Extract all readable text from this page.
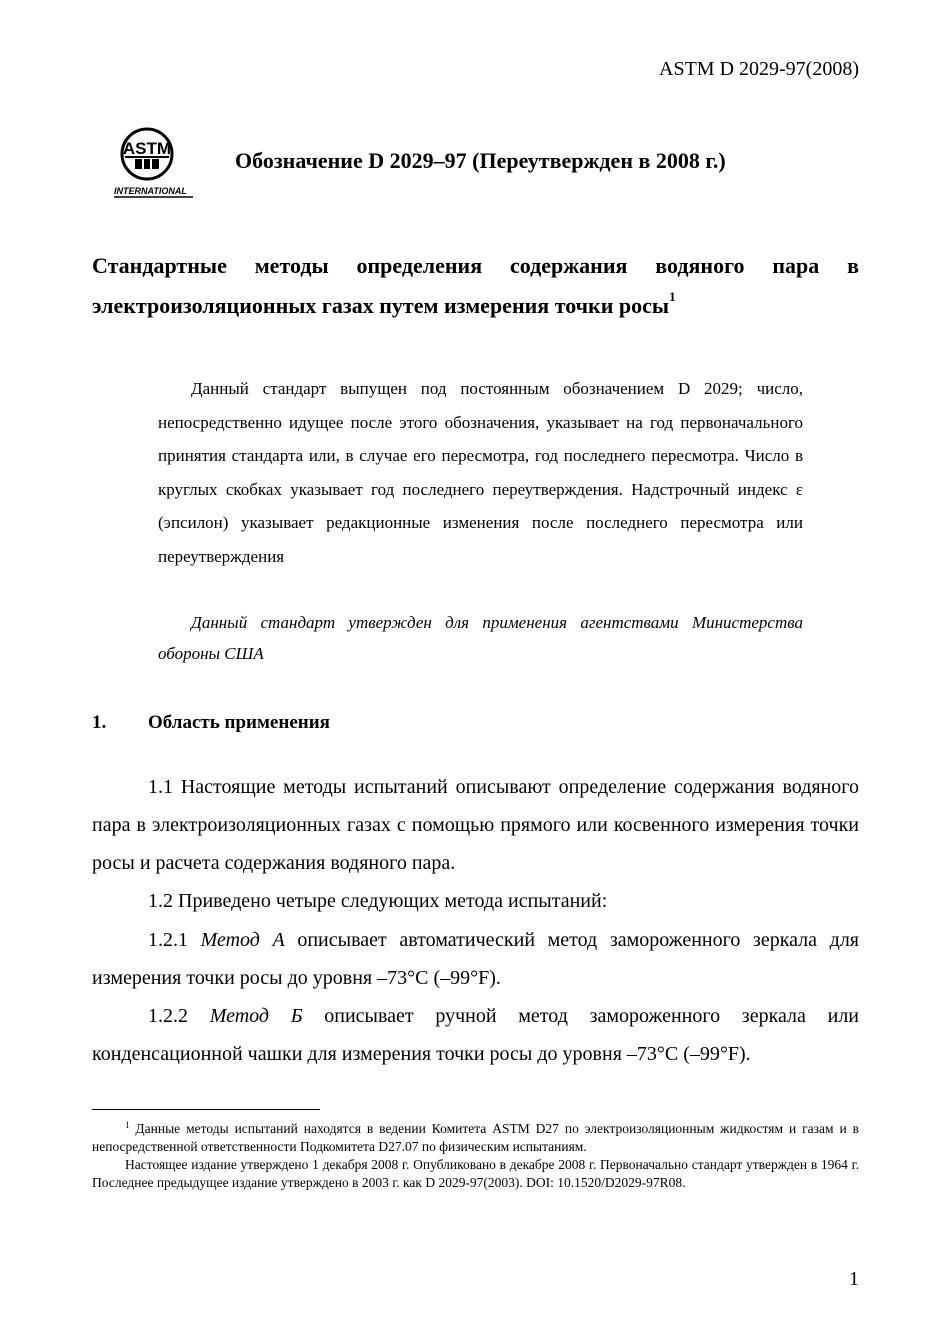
ASTM D 2029-97(2008)
ASTM
INTERNATIONAL
Обозначение D 2029–97 (Переутвержден в 2008 г.)
Стандартные методы определения содержания водяного пара в электроизоляционных газах путем измерения точки росы$^1$

Данный стандарт выпущен под постоянным обозначением D 2029; число, непосредственно идущее после этого обозначения, указывает на год первоначального принятия стандарта или, в случае его пересмотра, год последнего пересмотра. Число в круглых скобках указывает год последнего переутверждения. Надстрочный индекс ε (эпсилон) указывает редакционные изменения после последнего пересмотра или переутверждения

Данный стандарт утвержден для применения агентствами Министерства обороны США

1. Область применения

1.1 Настоящие методы испытаний описывают определение содержания водяного пара в электроизоляционных газах с помощью прямого или косвенного измерения точки росы и расчета содержания водяного пара.

1.2 Приведено четыре следующих метода испытаний:

1.2.1 Метод А описывает автоматический метод замороженного зеркала для измерения точки росы до уровня –73°C (–99°F).

1.2.2 Метод Б описывает ручной метод замороженного зеркала или конденсационной чашки для измерения точки росы до уровня –73°C (–99°F).

$^1$ Данные методы испытаний находятся в ведении Комитета ASTM D27 по электроизоляционным жидкостям и газам и в непосредственной ответственности Подкомитета D27.07 по физическим испытаниям.

Настоящее издание утверждено 1 декабря 2008 г. Опубликовано в декабре 2008 г. Первоначально стандарт утвержден в 1964 г. Последнее предыдущее издание утверждено в 2003 г. как D 2029-97(2003). DOI: 10.1520/D2029-97R08.

1
